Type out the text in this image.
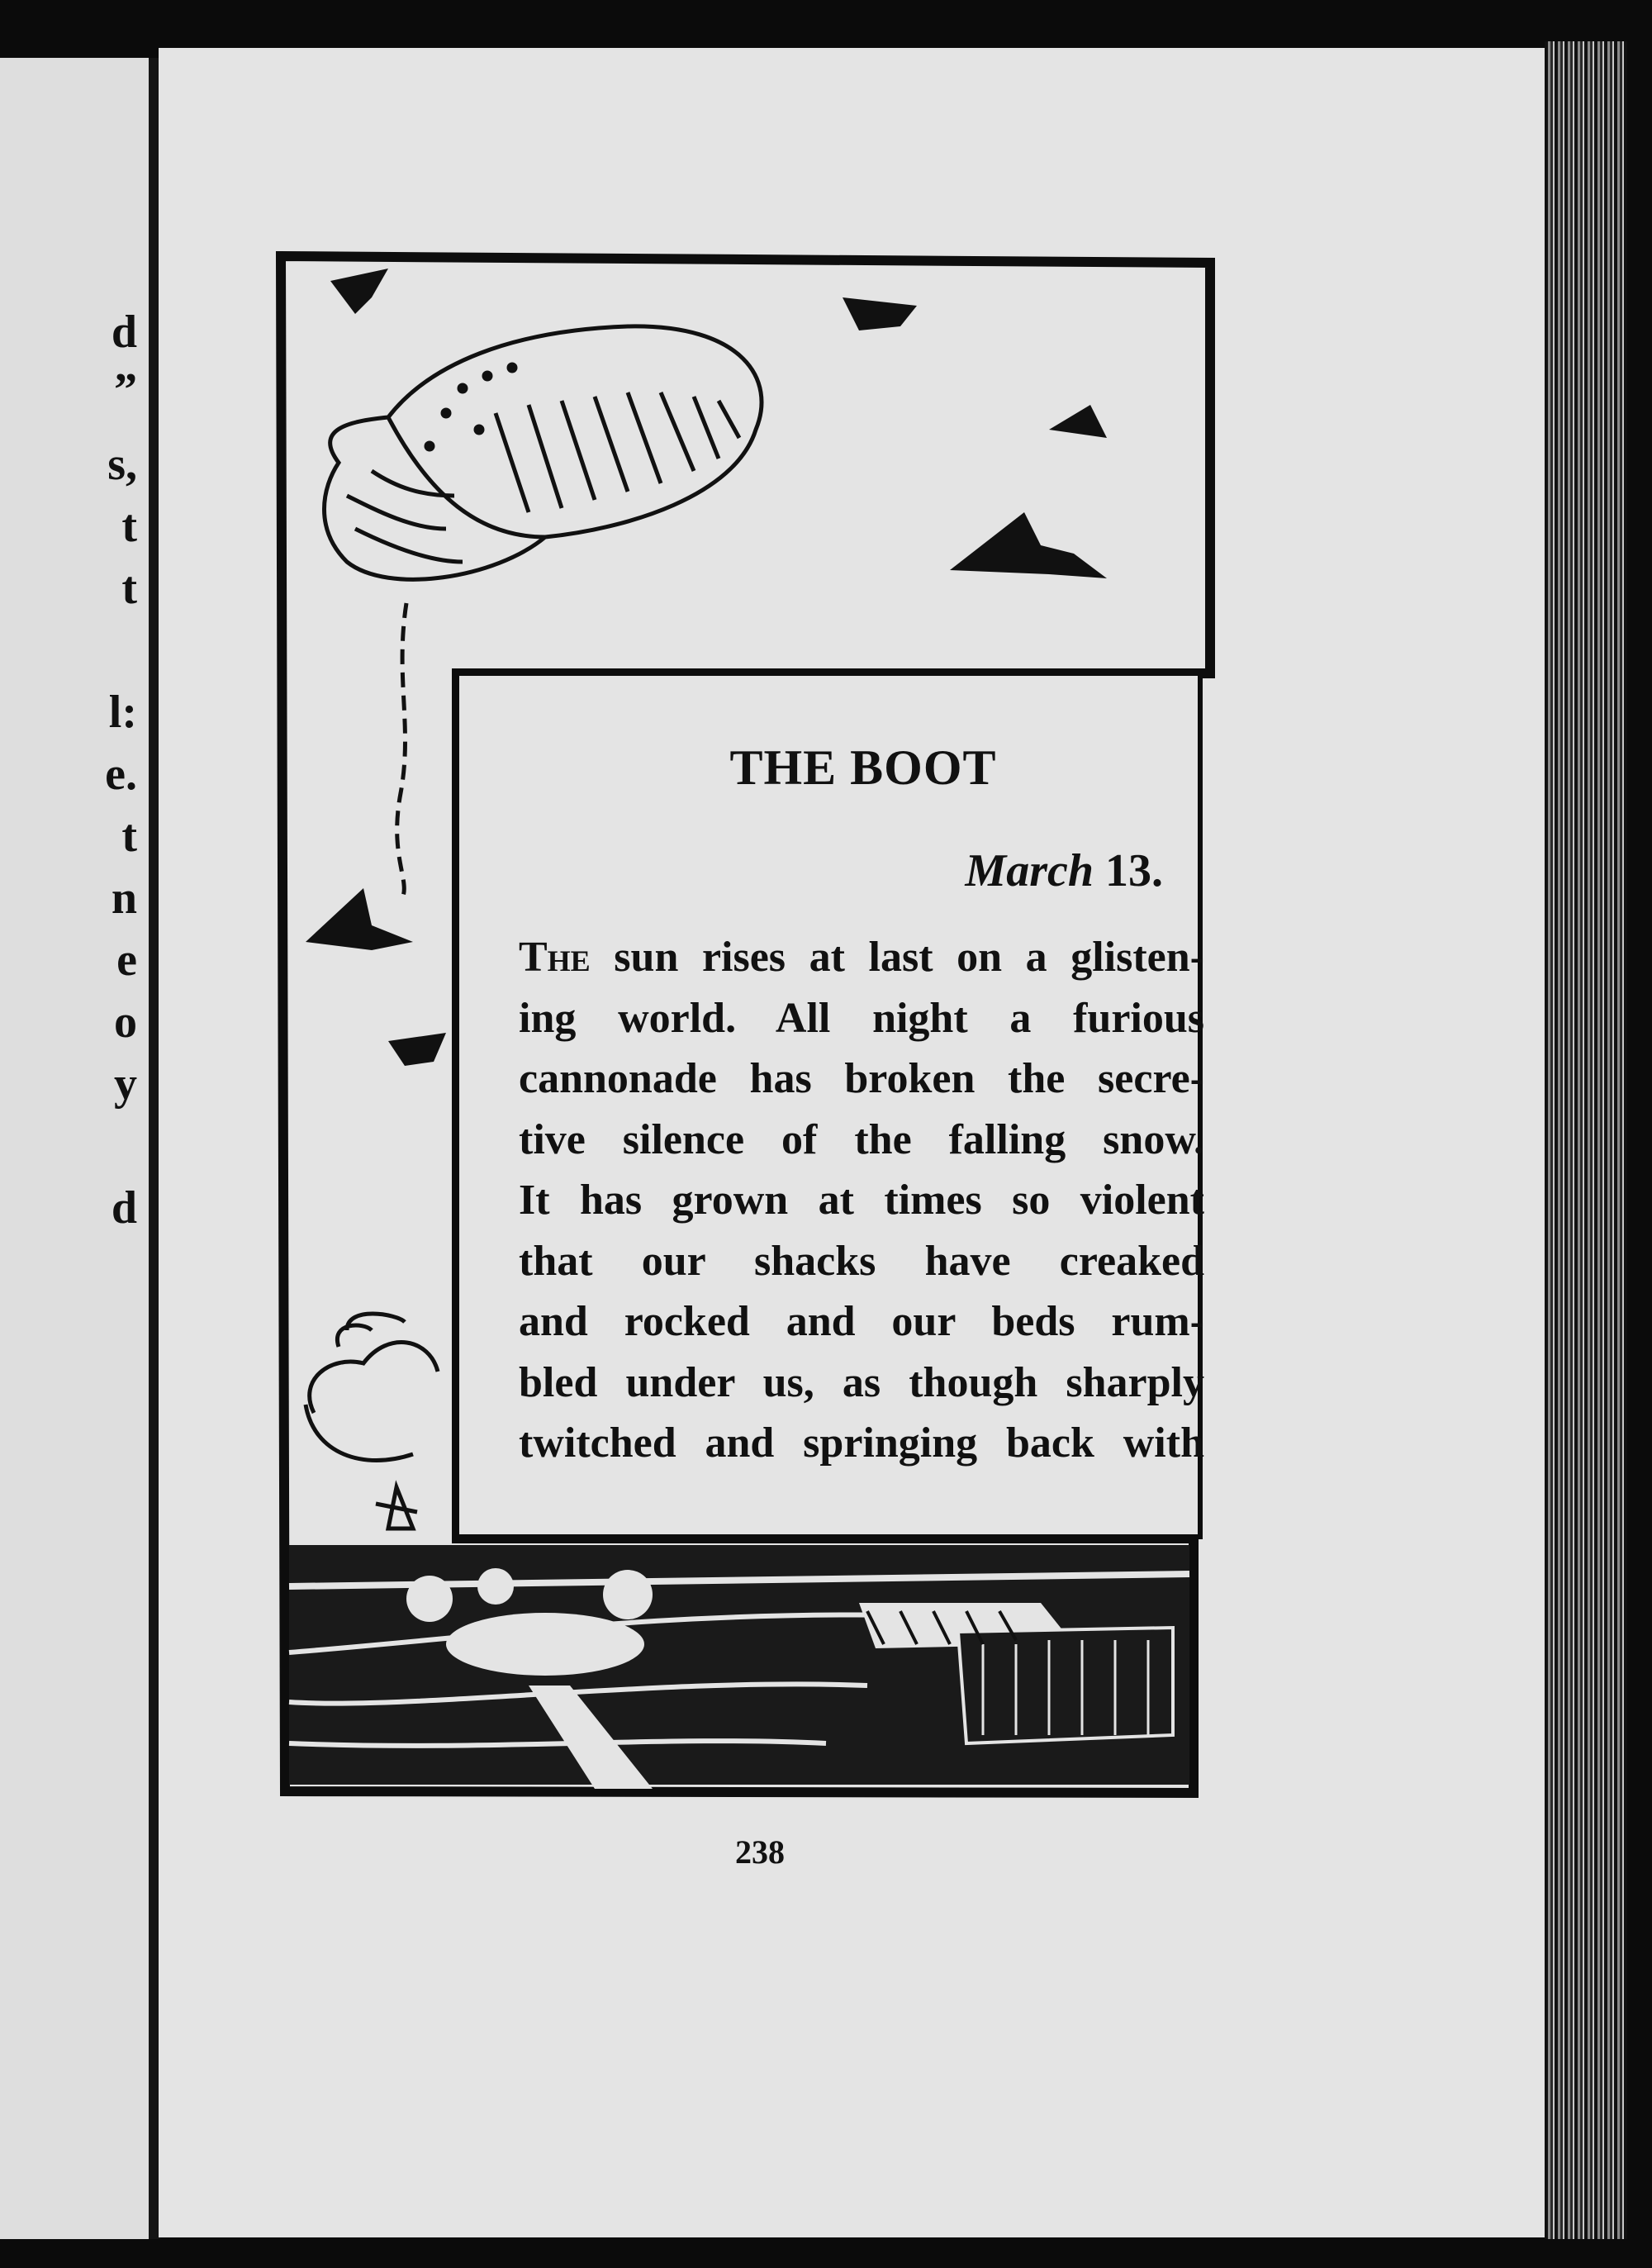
d
”
s,
t
t
l:
e.
t
n
e
o
y
d
THE BOOT
March 13.
The sun rises at last on a glisten-
ing world. All night a furious
cannonade has broken the secre-
tive silence of the falling snow.
It has grown at times so violent
that our shacks have creaked
and rocked and our beds rum-
bled under us, as though sharply
twitched and springing back with
238
